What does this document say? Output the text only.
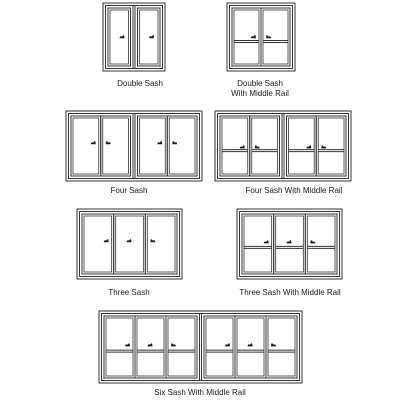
Double Sash	Double Sash
With Middle Rail
Four Sash	Four Sash With Middle Rail
Three Sash	Three Sash With Middle Rail
Six Sash With Middle Rail
